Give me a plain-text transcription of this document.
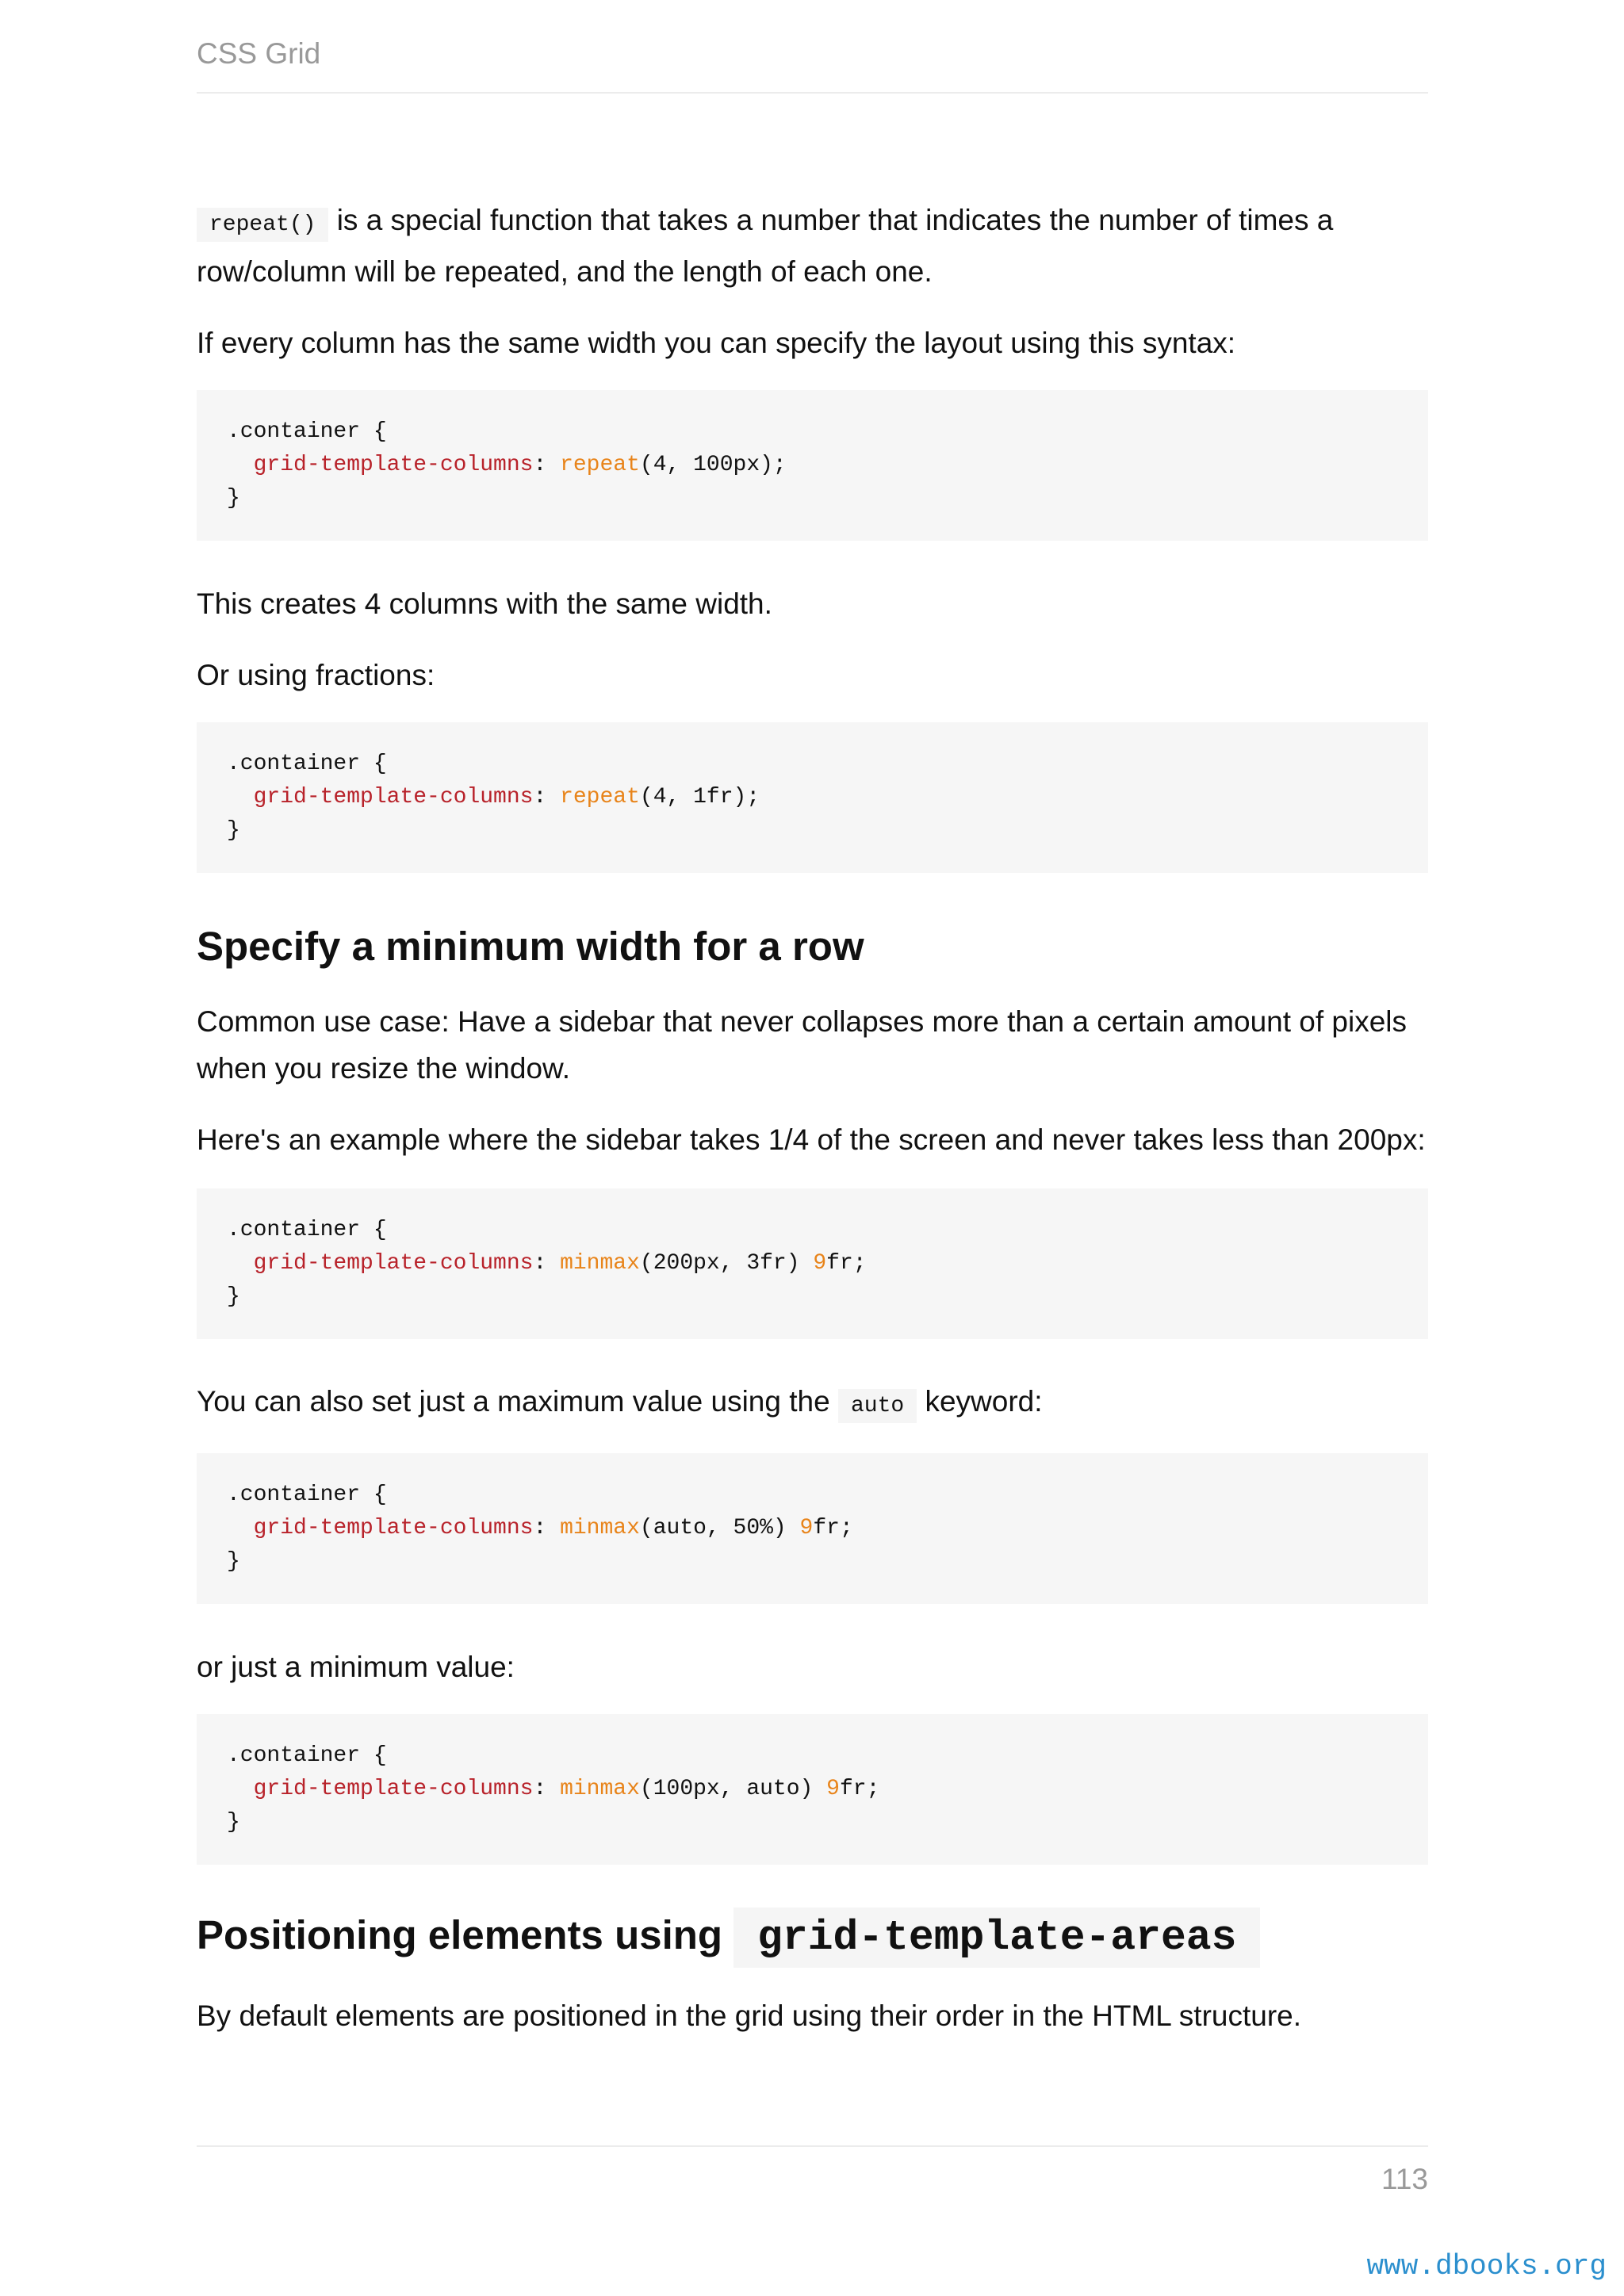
CSS Grid

repeat() is a special function that takes a number that indicates the number of times a row/column will be repeated, and the length of each one.

If every column has the same width you can specify the layout using this syntax:

.container {
grid-template-columns: repeat(4, 100px);
}

This creates 4 columns with the same width.

Or using fractions:

.container {
grid-template-columns: repeat(4, 1fr);
}
Specify a minimum width for a row

Common use case: Have a sidebar that never collapses more than a certain amount of pixels when you resize the window.

Here's an example where the sidebar takes 1/4 of the screen and never takes less than 200px:

.container {
grid-template-columns: minmax(200px, 3fr) 9fr;
}

You can also set just a maximum value using the auto keyword:

.container {
grid-template-columns: minmax(auto, 50%) 9fr;
}

or just a minimum value:

.container {
grid-template-columns: minmax(100px, auto) 9fr;
}
Positioning elements using grid-template-areas

By default elements are positioned in the grid using their order in the HTML structure.

113
www.dbooks.org
